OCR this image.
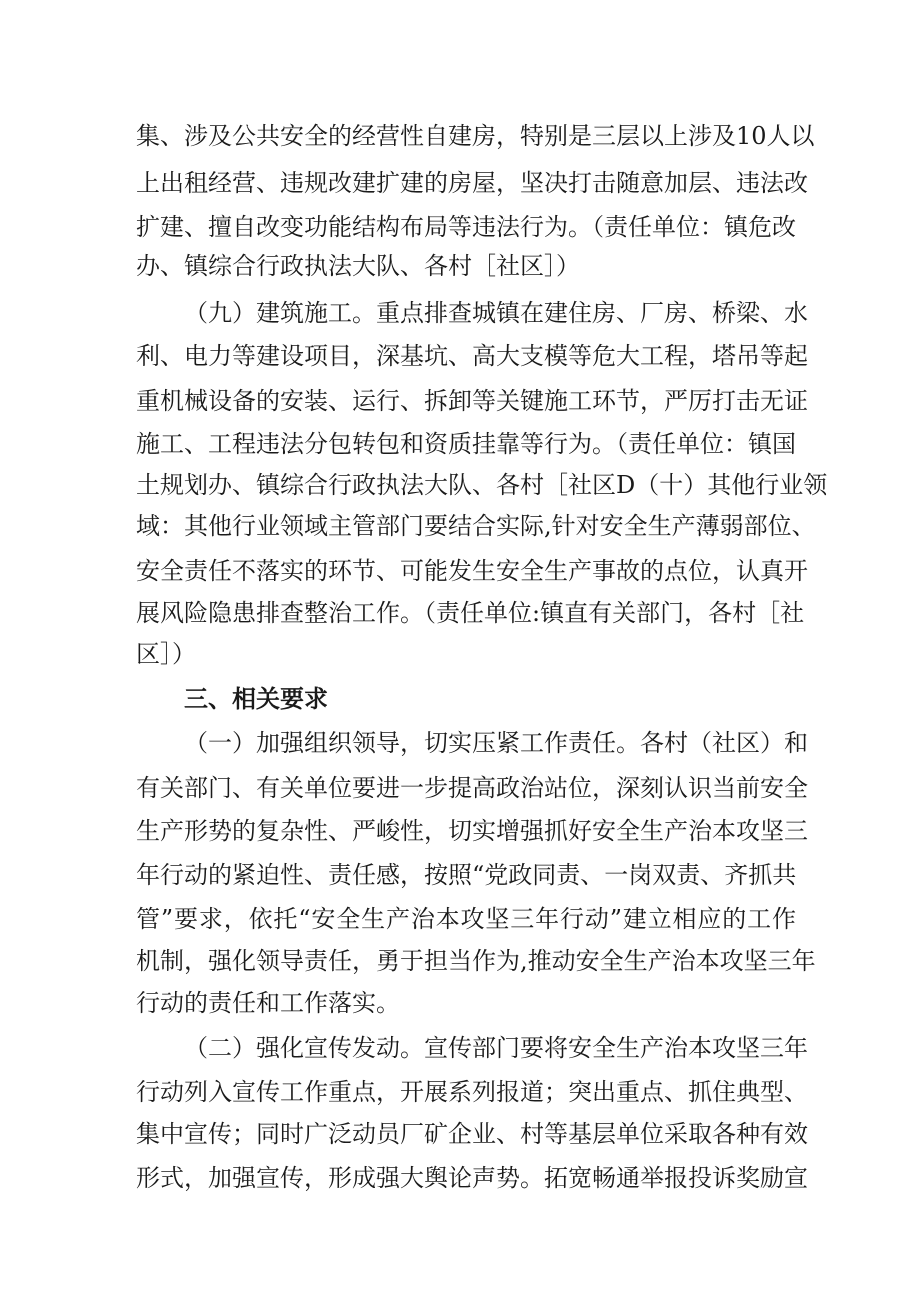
集、涉及公共安全的经营性自建房，特别是三层以上涉及10人以
上出租经营、违规改建扩建的房屋，坚决打击随意加层、违法改
扩建、擅自改变功能结构布局等违法行为。（责任单位：镇危改
办、镇综合行政执法大队、各村［社区］）
（九）建筑施工。重点排查城镇在建住房、厂房、桥梁、水
利、电力等建设项目，深基坑、高大支模等危大工程，塔吊等起
重机械设备的安装、运行、拆卸等关键施工环节，严厉打击无证
施工、工程违法分包转包和资质挂靠等行为。（责任单位：镇国
土规划办、镇综合行政执法大队、各村［社区D（十）其他行业领
域：其他行业领域主管部门要结合实际,针对安全生产薄弱部位、
安全责任不落实的环节、可能发生安全生产事故的点位，认真开
展风险隐患排查整治工作。（责任单位:镇直有关部门，各村［社
区］）
三、相关要求
（一）加强组织领导，切实压紧工作责任。各村（社区）和
有关部门、有关单位要进一步提高政治站位，深刻认识当前安全
生产形势的复杂性、严峻性，切实增强抓好安全生产治本攻坚三
年行动的紧迫性、责任感，按照“党政同责、一岗双责、齐抓共
管”要求，依托“安全生产治本攻坚三年行动”建立相应的工作
机制，强化领导责任，勇于担当作为,推动安全生产治本攻坚三年
行动的责任和工作落实。
（二）强化宣传发动。宣传部门要将安全生产治本攻坚三年
行动列入宣传工作重点，开展系列报道；突出重点、抓住典型、
集中宣传；同时广泛动员厂矿企业、村等基层单位采取各种有效
形式，加强宣传，形成强大舆论声势。拓宽畅通举报投诉奖励宣
